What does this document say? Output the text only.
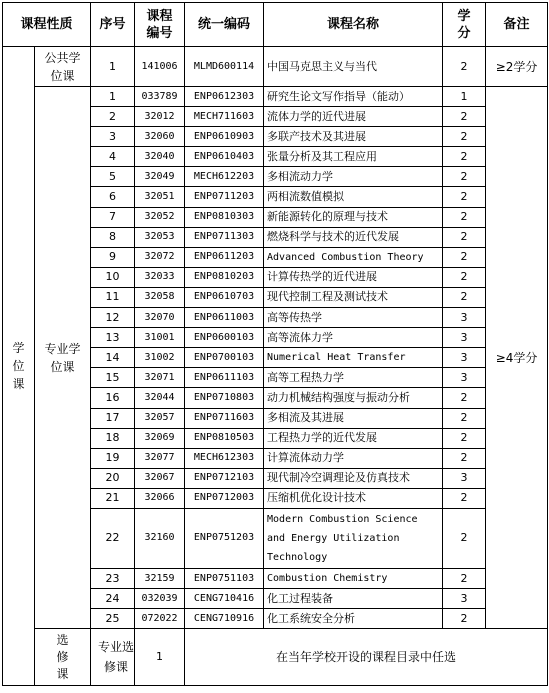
课程性质		序号	课程编号	统一编码	课程名称	学分	备注	

学位课	公共学位课	1	141006	MLMD600114	中国马克思主义与当代	2	≥2学分	

	专业学位课	1	033789	ENP0612303	研究生论文写作指导（能动）	1	≥4学分	
		2	32012	MECH711603	流体力学的近代进展	2		
		3	32060	ENP0610903	多联产技术及其进展	2		
		4	32040	ENP0610403	张量分析及其工程应用	2		
		5	32049	MECH612203	多相流动力学	2		
		6	32051	ENP0711203	两相流数值模拟	2		
		7	32052	ENP0810303	新能源转化的原理与技术	2		
		8	32053	ENP0711303	燃烧科学与技术的近代发展	2		
		9	32072	ENP0611203	Advanced Combustion Theory	2		
		10	32033	ENP0810203	计算传热学的近代进展	2		
		11	32058	ENP0610703	现代控制工程及测试技术	2		
		12	32070	ENP0611003	高等传热学	3		
		13	31001	ENP0600103	高等流体力学	3		
		14	31002	ENP0700103	Numerical Heat Transfer	3		
		15	32071	ENP0611103	高等工程热力学	3		
		16	32044	ENP0710803	动力机械结构强度与振动分析	2		
		17	32057	ENP0711603	多相流及其进展	2		
		18	32069	ENP0810503	工程热力学的近代发展	2		
		19	32077	MECH612303	计算流体动力学	2		
		20	32067	ENP0712103	现代制冷空调理论及仿真技术	3		
		21	32066	ENP0712003	压缩机优化设计技术	2		
		22	32160	ENP0751203	Modern Combustion Science and Energy Utilization Technology	2		
		23	32159	ENP0751103	Combustion Chemistry	2		
		24	032039	CENG710416	化工过程装备	3		
		25	072022	CENG710916	化工系统安全分析	2		

	选修课	专业选修课	1	在当年学校开设的课程目录中任选	
